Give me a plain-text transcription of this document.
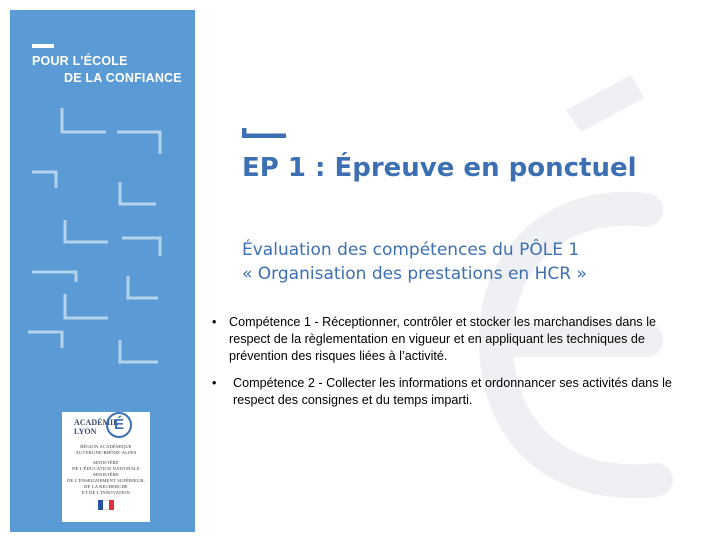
POUR L'ÉCOLE
DE LA CONFIANCE
ACADÉMIE
LYON	É
RÉGION ACADÉMIQUE
AUVERGNE-RHÔNE-ALPES
MINISTÈRE
DE L'ÉDUCATION NATIONALE
MINISTÈRE
DE L'ENSEIGNEMENT SUPÉRIEUR,
DE LA RECHERCHE
ET DE L'INNOVATION
EP 1 : Épreuve en ponctuel
Évaluation des compétences du PÔLE 1
« Organisation des prestations en HCR »
• Compétence 1 - Réceptionner, contrôler et stocker les marchandises dans le respect de la règlementation en vigueur et en appliquant les techniques de prévention des risques liées à l’activité.
• Compétence 2 - Collecter les informations et ordonnancer ses activités dans le respect des consignes et du temps imparti.
